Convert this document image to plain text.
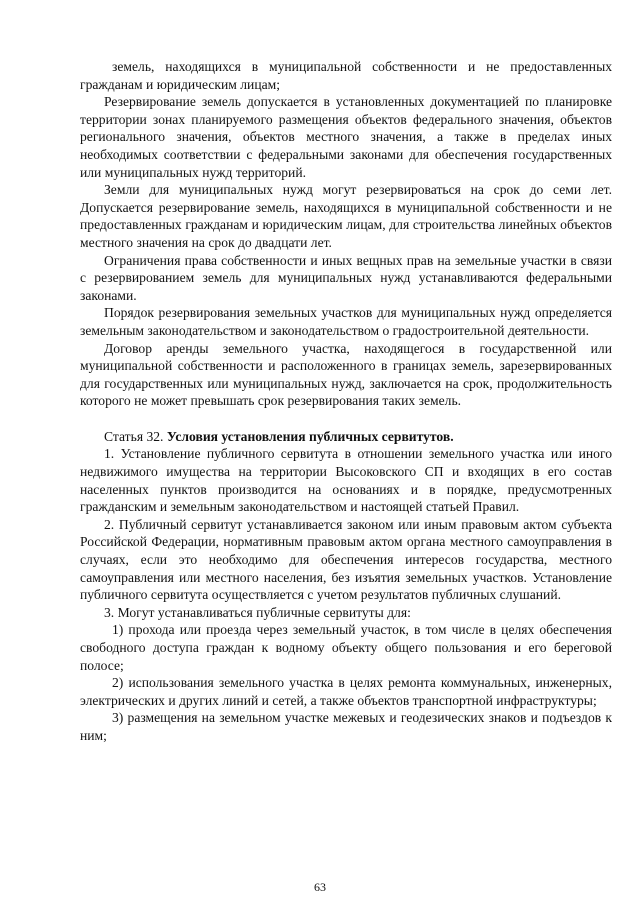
земель, находящихся в муниципальной собственности и не предоставленных гражданам и юридическим лицам;

Резервирование земель допускается в установленных документацией по планировке территории зонах планируемого размещения объектов федерального значения, объектов регионального значения, объектов местного значения, а также в пределах иных необходимых соответствии с федеральными законами для обеспечения государственных или муниципальных нужд территорий.

Земли для муниципальных нужд могут резервироваться на срок до семи лет. Допускается резервирование земель, находящихся в муниципальной собственности и не предоставленных гражданам и юридическим лицам, для строительства линейных объектов местного значения на срок до двадцати лет.

Ограничения права собственности и иных вещных прав на земельные участки в связи с резервированием земель для муниципальных нужд устанавливаются федеральными законами.

Порядок резервирования земельных участков для муниципальных нужд определяется земельным законодательством и законодательством о градостроительной деятельности.

Договор аренды земельного участка, находящегося в государственной или муниципальной собственности и расположенного в границах земель, зарезервированных для государственных или муниципальных нужд, заключается на срок, продолжительность которого не может превышать срок резервирования таких земель.

Статья 32. Условия установления публичных сервитутов.

1. Установление публичного сервитута в отношении земельного участка или иного недвижимого имущества на территории Высоковского СП и входящих в его состав населенных пунктов производится на основаниях и в порядке, предусмотренных гражданским и земельным законодательством и настоящей статьей Правил.

2. Публичный сервитут устанавливается законом или иным правовым актом субъекта Российской Федерации, нормативным правовым актом органа местного самоуправления в случаях, если это необходимо для обеспечения интересов государства, местного самоуправления или местного населения, без изъятия земельных участков. Установление публичного сервитута осуществляется с учетом результатов публичных слушаний.

3. Могут устанавливаться публичные сервитуты для:

1) прохода или проезда через земельный участок, в том числе в целях обеспечения свободного доступа граждан к водному объекту общего пользования и его береговой полосе;

2) использования земельного участка в целях ремонта коммунальных, инженерных, электрических и других линий и сетей, а также объектов транспортной инфраструктуры;

3) размещения на земельном участке межевых и геодезических знаков и подъездов к ним;

63
